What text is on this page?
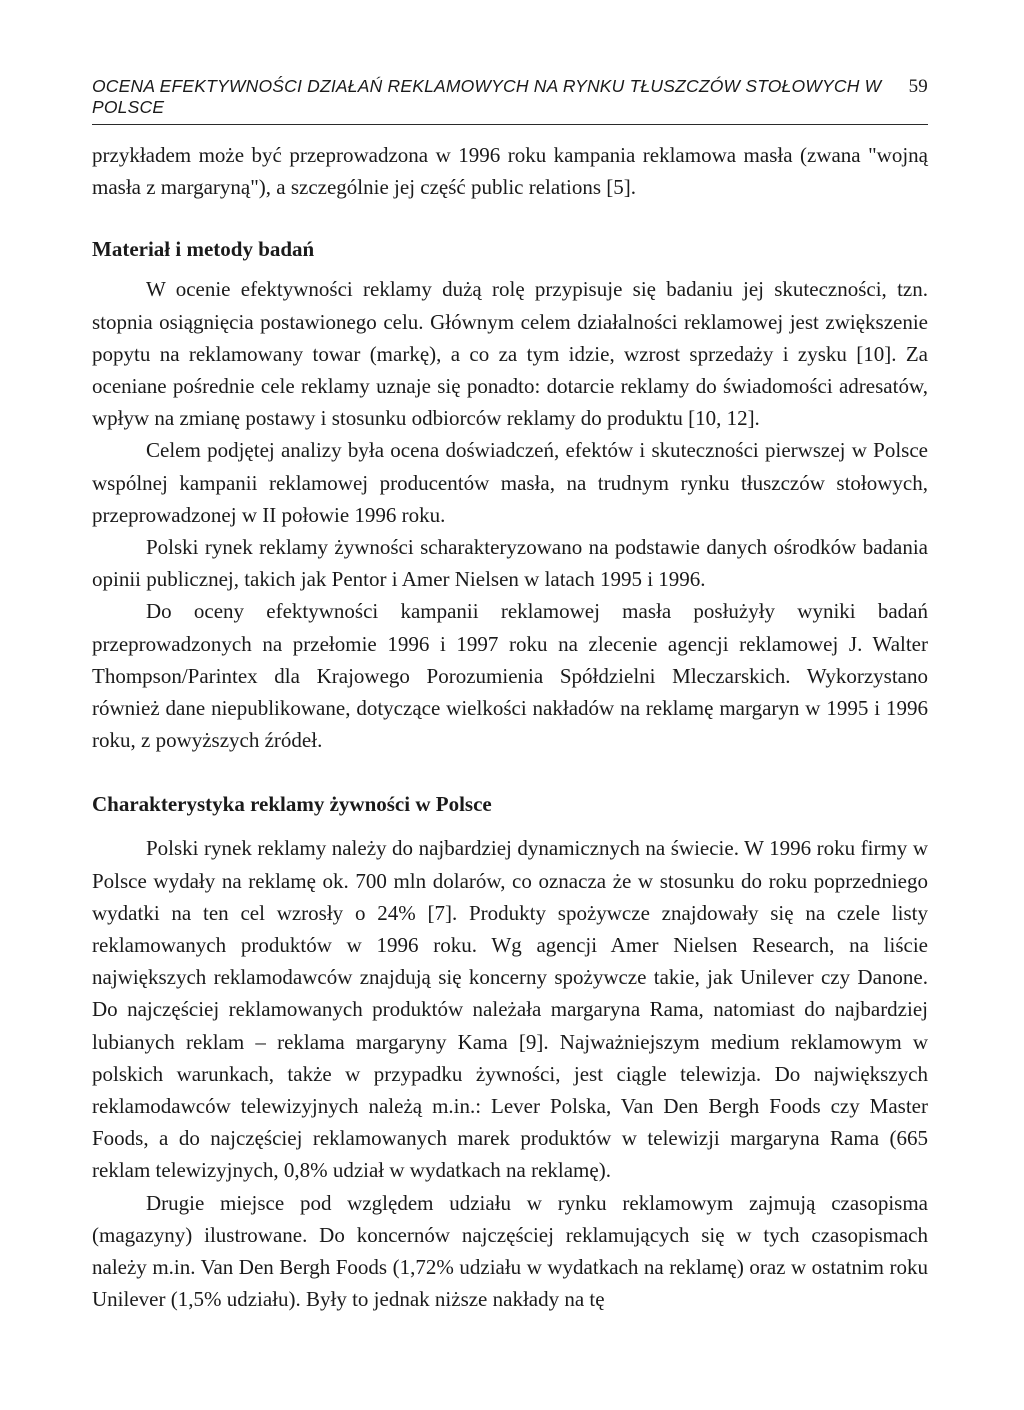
OCENA EFEKTYWNOŚCI DZIAŁAŃ REKLAMOWYCH NA RYNKU TŁUSZCZÓW STOŁOWYCH W POLSCE
59

przykładem może być przeprowadzona w 1996 roku kampania reklamowa masła (zwana "wojną masła z margaryną"), a szczególnie jej część public relations [5].

Materiał i metody badań

W ocenie efektywności reklamy dużą rolę przypisuje się badaniu jej skuteczności, tzn. stopnia osiągnięcia postawionego celu. Głównym celem działalności reklamowej jest zwiększenie popytu na reklamowany towar (markę), a co za tym idzie, wzrost sprzedaży i zysku [10]. Za oceniane pośrednie cele reklamy uznaje się ponadto: dotarcie reklamy do świadomości adresatów, wpływ na zmianę postawy i stosunku odbiorców reklamy do produktu [10, 12].

Celem podjętej analizy była ocena doświadczeń, efektów i skuteczności pierwszej w Polsce wspólnej kampanii reklamowej producentów masła, na trudnym rynku tłuszczów stołowych, przeprowadzonej w II połowie 1996 roku.

Polski rynek reklamy żywności scharakteryzowano na podstawie danych ośrodków badania opinii publicznej, takich jak Pentor i Amer Nielsen w latach 1995 i 1996.

Do oceny efektywności kampanii reklamowej masła posłużyły wyniki badań przeprowadzonych na przełomie 1996 i 1997 roku na zlecenie agencji reklamowej J. Walter Thompson/Parintex dla Krajowego Porozumienia Spółdzielni Mleczarskich. Wykorzystano również dane niepublikowane, dotyczące wielkości nakładów na reklamę margaryn w 1995 i 1996 roku, z powyższych źródeł.

Charakterystyka reklamy żywności w Polsce

Polski rynek reklamy należy do najbardziej dynamicznych na świecie. W 1996 roku firmy w Polsce wydały na reklamę ok. 700 mln dolarów, co oznacza że w stosunku do roku poprzedniego wydatki na ten cel wzrosły o 24% [7]. Produkty spożywcze znajdowały się na czele listy reklamowanych produktów w 1996 roku. Wg agencji Amer Nielsen Research, na liście największych reklamodawców znajdują się koncerny spożywcze takie, jak Unilever czy Danone. Do najczęściej reklamowanych produktów należała margaryna Rama, natomiast do najbardziej lubianych reklam – reklama margaryny Kama [9]. Najważniejszym medium reklamowym w polskich warunkach, także w przypadku żywności, jest ciągle telewizja. Do największych reklamodawców telewizyjnych należą m.in.: Lever Polska, Van Den Bergh Foods czy Master Foods, a do najczęściej reklamowanych marek produktów w telewizji margaryna Rama (665 reklam telewizyjnych, 0,8% udział w wydatkach na reklamę).

Drugie miejsce pod względem udziału w rynku reklamowym zajmują czasopisma (magazyny) ilustrowane. Do koncernów najczęściej reklamujących się w tych czasopismach należy m.in. Van Den Bergh Foods (1,72% udziału w wydatkach na reklamę) oraz w ostatnim roku Unilever (1,5% udziału). Były to jednak niższe nakłady na tę
